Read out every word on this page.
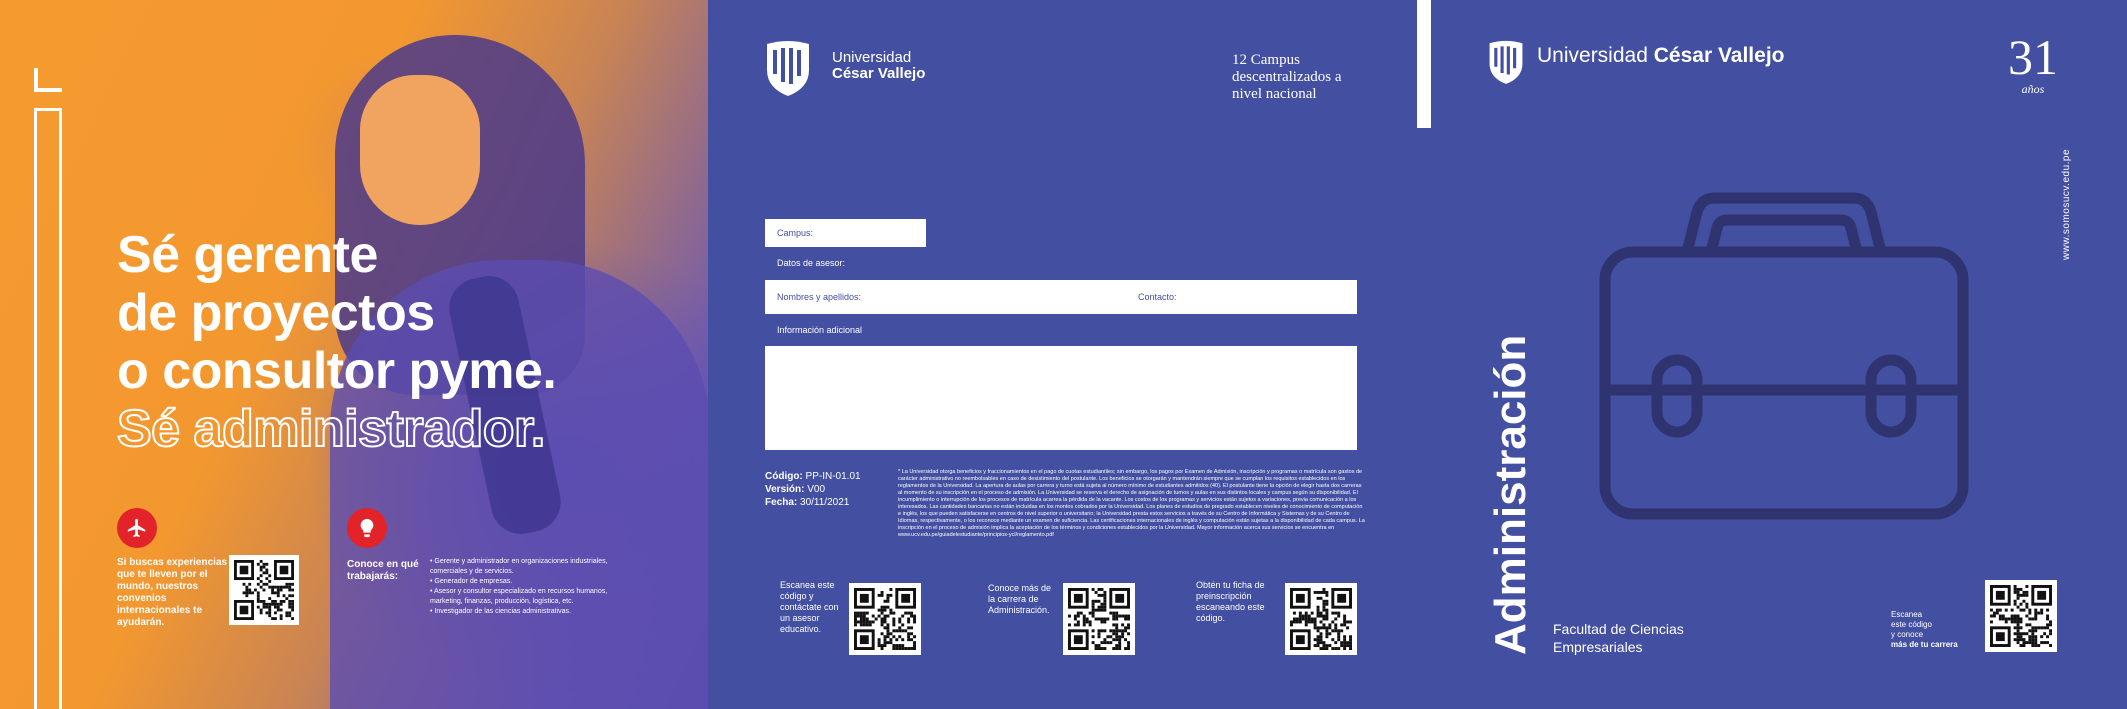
Sé gerente
de proyectos
o consultor pyme.
Sé administrador.
Si buscas experiencias que te lleven por el mundo, nuestros convenios internacionales te ayudarán.
Conoce en qué trabajarás:
• Gerente y administrador en organizaciones industriales, comerciales y de servicios.
• Generador de empresas.
• Asesor y consultor especializado en recursos humanos, marketing, finanzas, producción, logística, etc.
• Investigador de las ciencias administrativas.
Universidad
César Vallejo
12 Campus descentralizados a nivel nacional
Campus:
Datos de asesor:
Nombres y apellidos:	Contacto:
Información adicional
Código: PP-IN-01.01
Versión: V00
Fecha: 30/11/2021
* La Universidad otorga beneficios y fraccionamientos en el pago de cuotas estudiantiles; sin embargo, los pagos por Examen de Admisión, inscripción y programas o matrícula son gastos de carácter administrativo no reembolsables en caso de desistimiento del postulante. Los beneficios se otorgarán y mantendrán siempre que se cumplan los requisitos establecidos en los reglamentos de la Universidad. La apertura de aulas por carrera y turno está sujeta al número mínimo de estudiantes admitidos (40). El postulante tiene la opción de elegir hasta dos carreras al momento de su inscripción en el proceso de admisión. La Universidad se reserva el derecho de asignación de turnos y aulas en sus distintos locales y campus según su disponibilidad. El incumplimiento o interrupción de los procesos de matrícula acarrea la pérdida de la vacante. Los costos de los programas y servicios están sujetos a variaciones, previa comunicación a los interesados. Las cantidades bancarias no están incluidas en los montos cobrados por la Universidad. Los planes de estudios de pregrado establecen niveles de conocimiento de computación e inglés, los que pueden satisfacerse en centros de nivel superior o universitario; la Universidad presta estos servicios a través de su Centro de Informática y Sistemas y de su Centro de Idiomas, respectivamente, o los reconoce mediante un examen de suficiencia. Las certificaciones internacionales de inglés y computación están sujetas a la disponibilidad de cada campus. La inscripción en el proceso de admisión implica la aceptación de los términos y condiciones establecidos por la Universidad. Mayor información acerca sus servicios se encuentra en www.ucv.edu.pe/guiadelestudiante/principios-ycl/reglamento.pdf
Escanea este código y contáctate con un asesor educativo.
Conoce más de la carrera de Administración.
Obtén tu ficha de preinscripción escaneando este código.
Universidad César Vallejo	31
años
www.somosucv.edu.pe
Administración Facultad de Ciencias
Empresariales
Escanea
este código
y conoce
más de tu carrera
